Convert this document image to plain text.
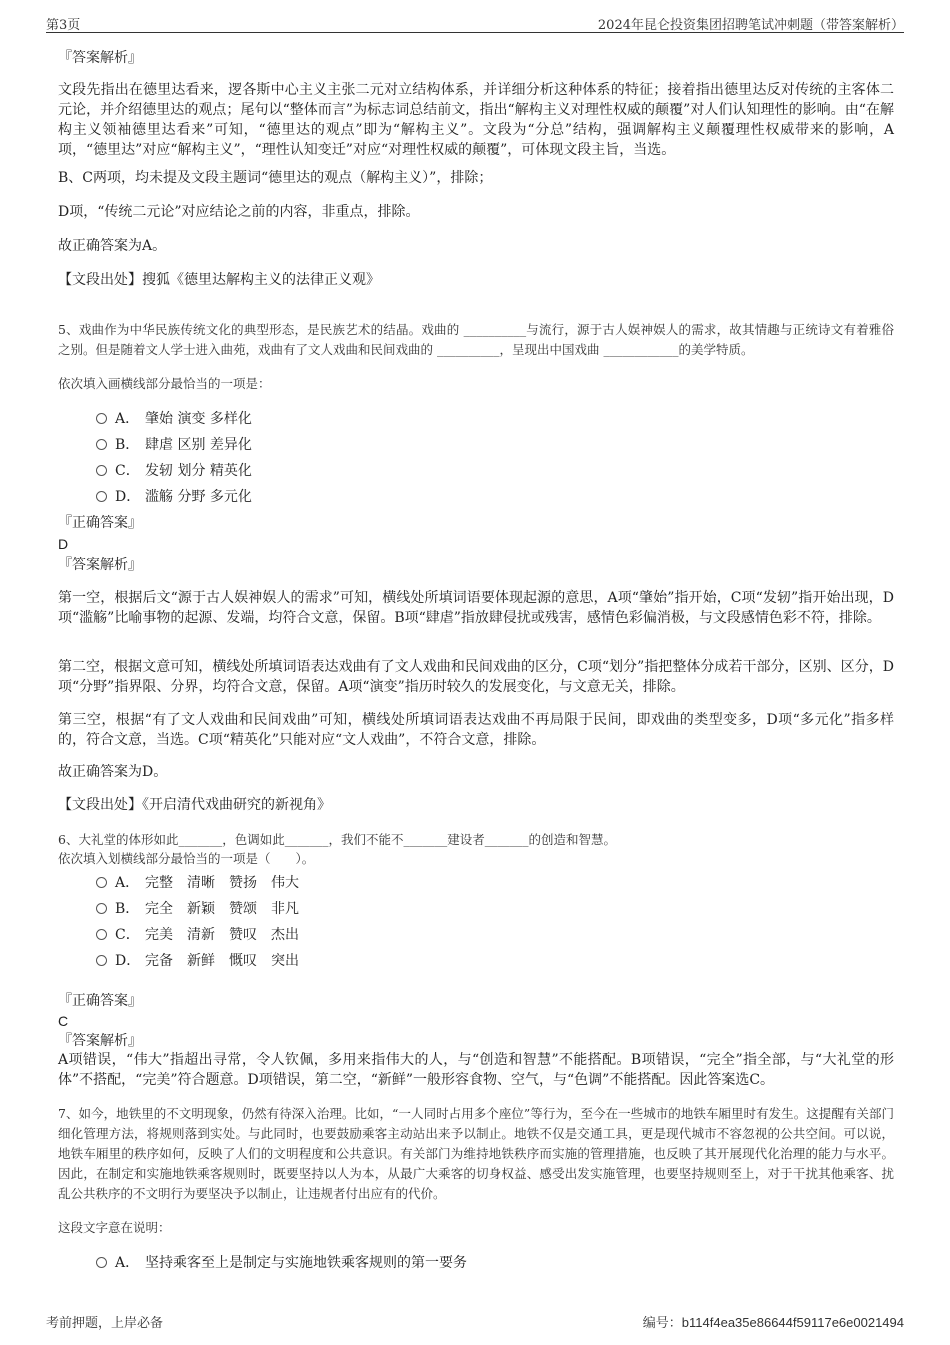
第3页	2024年昆仑投资集团招聘笔试冲刺题（带答案解析）
『答案解析』
文段先指出在德里达看来，逻各斯中心主义主张二元对立结构体系，并详细分析这种体系的特征；接着指出德里达反对传统的主客体二元论，并介绍德里达的观点；尾句以“整体而言”为标志词总结前文，指出“解构主义对理性权威的颠覆”对人们认知理性的影响。由“在解构主义领袖德里达看来”可知，“德里达的观点”即为“解构主义”。文段为“分总”结构，强调解构主义颠覆理性权威带来的影响，A项，“德里达”对应“解构主义”，“理性认知变迁”对应“对理性权威的颠覆”，可体现文段主旨，当选。
B、C两项，均未提及文段主题词“德里达的观点（解构主义）”，排除；
D项，“传统二元论”对应结论之前的内容，非重点，排除。
故正确答案为A。
【文段出处】搜狐《德里达解构主义的法律正义观》
5、戏曲作为中华民族传统文化的典型形态，是民族艺术的结晶。戏曲的 __________与流行，源于古人娱神娱人的需求，故其情趣与正统诗文有着雅俗之别。但是随着文人学士进入曲苑，戏曲有了文人戏曲和民间戏曲的 __________，呈现出中国戏曲 ____________的美学特质。
依次填入画横线部分最恰当的一项是：
A． 肇始 演变 多样化
B． 肆虐 区别 差异化
C． 发轫 划分 精英化
D． 滥觞 分野 多元化
『正确答案』
D
『答案解析』
第一空，根据后文“源于古人娱神娱人的需求”可知，横线处所填词语要体现起源的意思，A项“肇始”指开始，C项“发轫”指开始出现，D项“滥觞”比喻事物的起源、发端，均符合文意，保留。B项“肆虐”指放肆侵扰或残害，感情色彩偏消极，与文段感情色彩不符，排除。
第二空，根据文意可知，横线处所填词语表达戏曲有了文人戏曲和民间戏曲的区分，C项“划分”指把整体分成若干部分，区别、区分，D项“分野”指界限、分界，均符合文意，保留。A项“演变”指历时较久的发展变化，与文意无关，排除。
第三空，根据“有了文人戏曲和民间戏曲”可知，横线处所填词语表达戏曲不再局限于民间，即戏曲的类型变多，D项“多元化”指多样的，符合文意，当选。C项“精英化”只能对应“文人戏曲”，不符合文意，排除。
故正确答案为D。
【文段出处】《开启清代戏曲研究的新视角》
6、大礼堂的体形如此_______，色调如此_______，我们不能不_______建设者_______的创造和智慧。
依次填入划横线部分最恰当的一项是（　　）。
A． 完整 清晰 赞扬 伟大
B． 完全 新颖 赞颂 非凡
C． 完美 清新 赞叹 杰出
D． 完备 新鲜 慨叹 突出
『正确答案』
C
『答案解析』
A项错误，“伟大”指超出寻常，令人钦佩，多用来指伟大的人，与“创造和智慧”不能搭配。B项错误，“完全”指全部，与“大礼堂的形体”不搭配，“完美”符合题意。D项错误，第二空，“新鲜”一般形容食物、空气，与“色调”不能搭配。因此答案选C。
7、如今，地铁里的不文明现象，仍然有待深入治理。比如，“一人同时占用多个座位”等行为，至今在一些城市的地铁车厢里时有发生。这提醒有关部门细化管理方法，将规则落到实处。与此同时，也要鼓励乘客主动站出来予以制止。地铁不仅是交通工具，更是现代城市不容忽视的公共空间。可以说，地铁车厢里的秩序如何，反映了人们的文明程度和公共意识。有关部门为维持地铁秩序而实施的管理措施，也反映了其开展现代化治理的能力与水平。因此，在制定和实施地铁乘客规则时，既要坚持以人为本，从最广大乘客的切身权益、感受出发实施管理，也要坚持规则至上，对于干扰其他乘客、扰乱公共秩序的不文明行为要坚决予以制止，让违规者付出应有的代价。
这段文字意在说明：
A． 坚持乘客至上是制定与实施地铁乘客规则的第一要务
考前押题，上岸必备	编号：b114f4ea35e86644f59117e6e0021494
